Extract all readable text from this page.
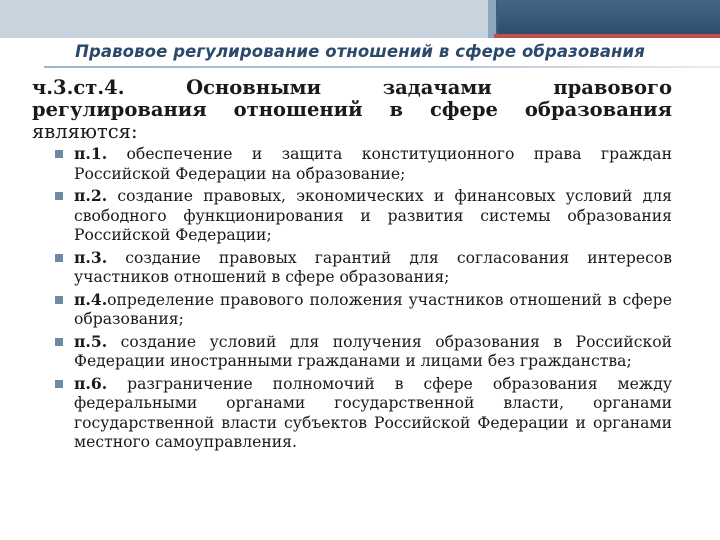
Правовое регулирование отношений в сфере образования
ч.3.ст.4. Основными задачами правового регулирования отношений в сфере образования являются:
п.1. обеспечение и защита конституционного права граждан Российской Федерации на образование;
п.2. создание правовых, экономических и финансовых условий для свободного функционирования и развития системы образования Российской Федерации;
п.3. создание правовых гарантий для согласования интересов участников отношений в сфере образования;
п.4.определение правового положения участников отношений в сфере образования;
п.5. создание условий для получения образования в Российской Федерации иностранными гражданами и лицами без гражданства;
п.6. разграничение полномочий в сфере образования между федеральными органами государственной власти, органами государственной власти субъектов Российской Федерации и органами местного самоуправления.
